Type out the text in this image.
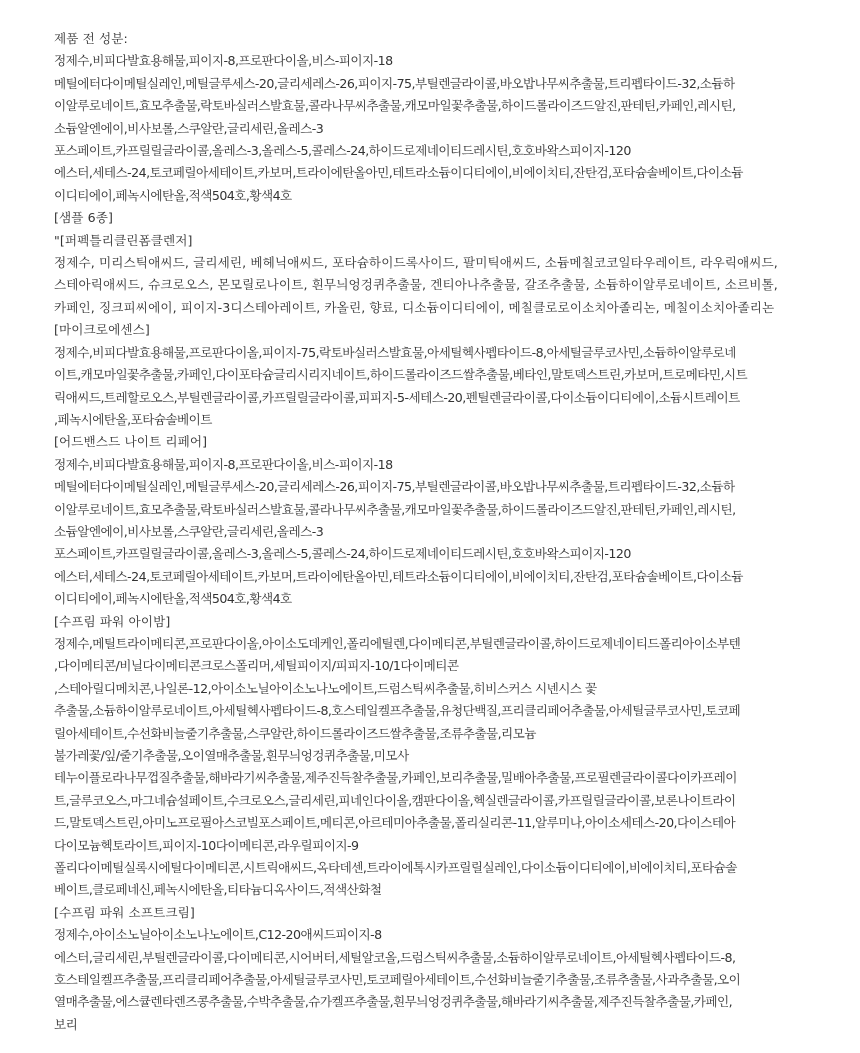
제품 전 성분:
정제수,비피다발효용해물,피이지-8,프로판다이올,비스-피이지-18
메틸에터다이메틸실레인,메틸글루세스-20,글리세레스-26,피이지-75,부틸렌글라이콜,바오밥나무씨추출물,트리펩타이드-32,소듐하
이알루로네이트,효모추출물,락토바실러스발효물,콜라나무씨추출물,캐모마일꽃추출물,하이드롤라이즈드알진,판테틴,카페인,레시틴,
소듐알엔에이,비사보롤,스쿠알란,글리세린,올레스-3
포스페이트,카프릴릴글라이콜,올레스-3,올레스-5,콜레스-24,하이드로제네이티드레시틴,호호바왁스피이지-120
에스터,세테스-24,토코페릴아세테이트,카보머,트라이에탄올아민,테트라소듐이디티에이,비에이치티,잔탄검,포타슘솔베이트,다이소듐
이디티에이,페녹시에탄올,적색504호,황색4호
[샘플 6종]
"[퍼펙틀리클린폼클렌저]
정제수, 미리스틱애씨드, 글리세린, 베헤닉애씨드, 포타슘하이드록사이드, 팔미틱애씨드, 소듐메칠코코일타우레이트, 라우릭애씨드,
스테아릭애씨드, 슈크로오스, 몬모릴로나이트, 흰무늬엉겅퀴추출물, 겐티아나추출물, 갈조추출물, 소듐하이알루로네이트, 소르비톨,
카페인, 징크피씨에이, 피이지-3디스테아레이트, 카올린, 향료, 디소듐이디티에이, 메칠클로로이소치아졸리논, 메칠이소치아졸리논
[마이크로에센스]
정제수,비피다발효용해물,프로판다이올,피이지-75,락토바실러스발효물,아세틸헥사펩타이드-8,아세틸글루코사민,소듐하이알루로네
이트,캐모마일꽃추출물,카페인,다이포타슘글리시리지네이트,하이드롤라이즈드쌀추출물,베타인,말토덱스트린,카보머,트로메타민,시트
릭애씨드,트레할로오스,부틸렌글라이콜,카프릴릴글라이콜,피피지-5-세테스-20,펜틸렌글라이콜,다이소듐이디티에이,소듐시트레이트
,페녹시에탄올,포타슘솔베이트
[어드밴스드 나이트 리페어]
정제수,비피다발효용해물,피이지-8,프로판다이올,비스-피이지-18
메틸에터다이메틸실레인,메틸글루세스-20,글리세레스-26,피이지-75,부틸렌글라이콜,바오밥나무씨추출물,트리펩타이드-32,소듐하
이알루로네이트,효모추출물,락토바실러스발효물,콜라나무씨추출물,캐모마일꽃추출물,하이드롤라이즈드알진,판테틴,카페인,레시틴,
소듐알엔에이,비사보롤,스쿠알란,글리세린,올레스-3
포스페이트,카프릴릴글라이콜,올레스-3,올레스-5,콜레스-24,하이드로제네이티드레시틴,호호바왁스피이지-120
에스터,세테스-24,토코페릴아세테이트,카보머,트라이에탄올아민,테트라소듐이디티에이,비에이치티,잔탄검,포타슘솔베이트,다이소듐
이디티에이,페녹시에탄올,적색504호,황색4호
[수프림 파워 아이밤]
정제수,메틸트라이메티콘,프로판다이올,아이소도데케인,폴리에틸렌,다이메티콘,부틸렌글라이콜,하이드로제네이티드폴리아이소부텐
,다이메티콘/비닐다이메티콘크로스폴리머,세틸피이지/피피지-10/1다이메티콘
,스테아릴디메치콘,나일론-12,아이소노닐아이소노나노에이트,드럼스틱씨추출물,히비스커스 시넨시스 꽃
추출물,소듐하이알루로네이트,아세틸헥사펩타이드-8,호스테일켈프추출물,유청단백질,프리클리페어추출물,아세틸글루코사민,토코페
릴아세테이트,수선화비늘줄기추출물,스쿠알란,하이드롤라이즈드쌀추출물,조류추출물,리모늄
불가레꽃/잎/줄기추출물,오이열매추출물,흰무늬엉겅퀴추출물,미모사
테누이플로라나무껍질추출물,해바라기씨추출물,제주진득찰추출물,카페인,보리추출물,밀배아추출물,프로필렌글라이콜다이카프레이
트,글루코오스,마그네슘설페이트,수크로오스,글리세린,피네인다이올,캠판다이올,헥실렌글라이콜,카프릴릴글라이콜,보론나이트라이
드,말토덱스트린,아미노프로필아스코빌포스페이트,메티콘,아르테미아추출물,폴리실리콘-11,알루미나,아이소세테스-20,다이스테아
다이모늄헥토라이트,피이지-10다이메티콘,라우릴피이지-9
폴리다이메틸실록시에틸다이메티콘,시트릭애씨드,옥타데센,트라이에톡시카프릴릴실레인,다이소듐이디티에이,비에이치티,포타슘솔
베이트,클로페네신,페녹시에탄올,티타늄디옥사이드,적색산화철
[수프림 파워 소프트크림]
정제수,아이소노닐아이소노나노에이트,C12-20애씨드피이지-8
에스터,글리세린,부틸렌글라이콜,다이메티콘,시어버터,세틸알코올,드럼스틱씨추출물,소듐하이알루로네이트,아세틸헥사펩타이드-8,
호스테일켈프추출물,프리클리페어추출물,아세틸글루코사민,토코페릴아세테이트,수선화비늘줄기추출물,조류추출물,사과추출물,오이
열매추출물,에스큘렌타렌즈콩추출물,수박추출물,슈가켈프추출물,흰무늬엉겅퀴추출물,해바라기씨추출물,제주진득찰추출물,카페인,
보리
